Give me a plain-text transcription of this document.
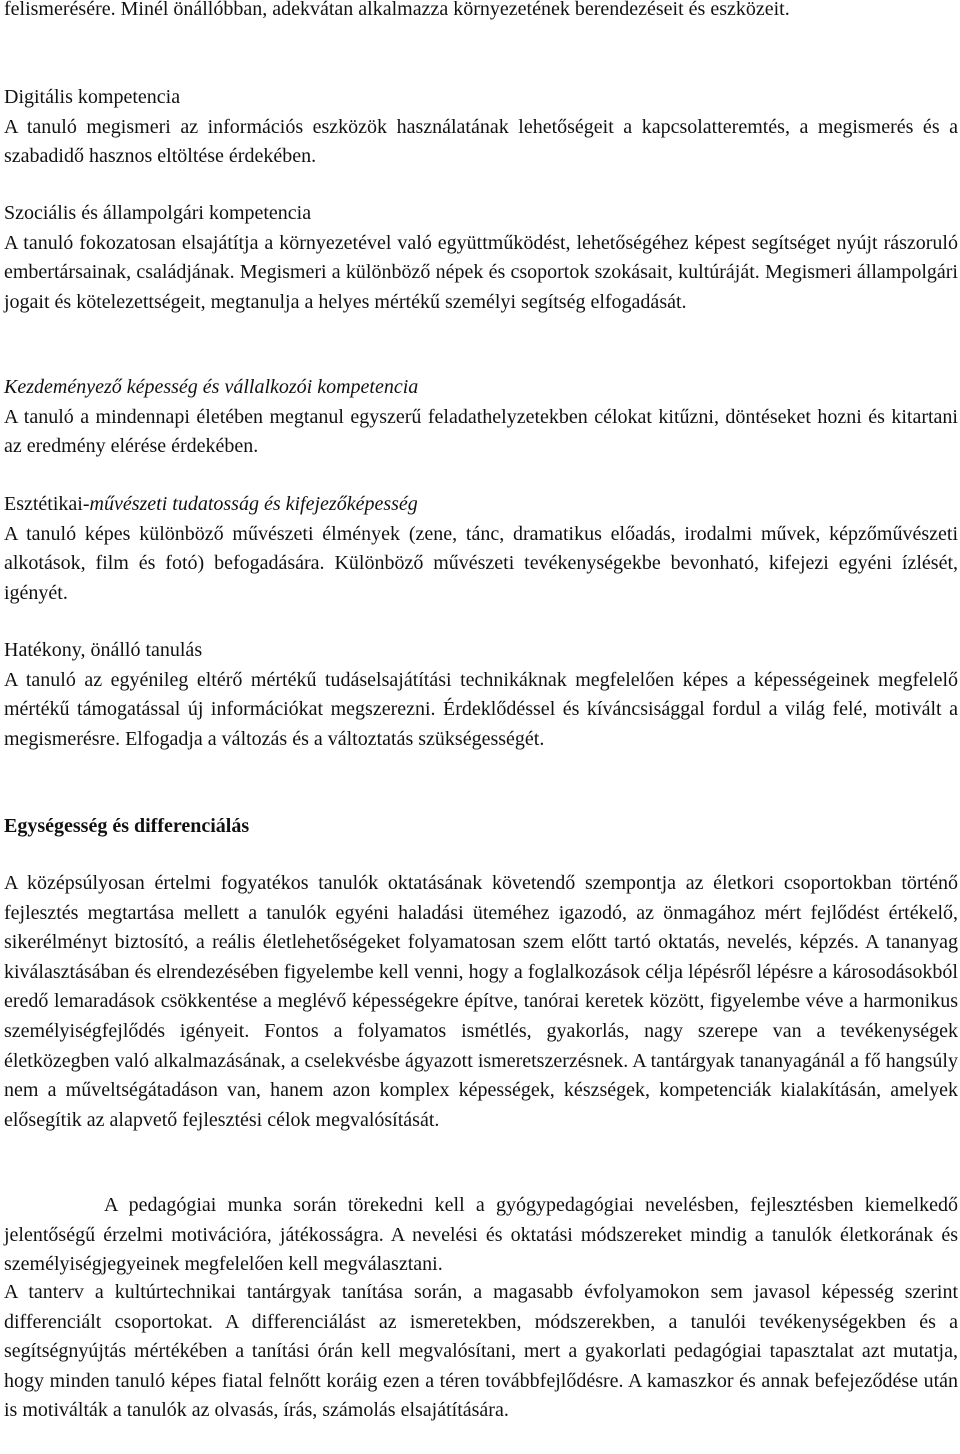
felismerésére. Minél önállóbban, adekvátan alkalmazza környezetének berendezéseit és eszközeit.

Digitális kompetencia

A tanuló megismeri az információs eszközök használatának lehetőségeit a kapcsolatteremtés, a megismerés és a szabadidő hasznos eltöltése érdekében.

Szociális és állampolgári kompetencia

A tanuló fokozatosan elsajátítja a környezetével való együttműködést, lehetőségéhez képest segítséget nyújt rászoruló embertársainak, családjának. Megismeri a különböző népek és csoportok szokásait, kultúráját. Megismeri állampolgári jogait és kötelezettségeit, megtanulja a helyes mértékű személyi segítség elfogadását.

Kezdeményező képesség és vállalkozói kompetencia

A tanuló a mindennapi életében megtanul egyszerű feladathelyzetekben célokat kitűzni, döntéseket hozni és kitartani az eredmény elérése érdekében.

Esztétikai-művészeti tudatosság és kifejezőképesség

A tanuló képes különböző művészeti élmények (zene, tánc, dramatikus előadás, irodalmi művek, képzőművészeti alkotások, film és fotó) befogadására. Különböző művészeti tevékenységekbe bevonható, kifejezi egyéni ízlését, igényét.

Hatékony, önálló tanulás

A tanuló az egyénileg eltérő mértékű tudáselsajátítási technikáknak megfelelően képes a képességeinek megfelelő mértékű támogatással új információkat megszerezni. Érdeklődéssel és kíváncsisággal fordul a világ felé, motivált a megismerésre. Elfogadja a változás és a változtatás szükségességét.

Egységesség és differenciálás

A középsúlyosan értelmi fogyatékos tanulók oktatásának követendő szempontja az életkori csoportokban történő fejlesztés megtartása mellett a tanulók egyéni haladási üteméhez igazodó, az önmagához mért fejlődést értékelő, sikerélményt biztosító, a reális életlehetőségeket folyamatosan szem előtt tartó oktatás, nevelés, képzés. A tananyag kiválasztásában és elrendezésében figyelembe kell venni, hogy a foglalkozások célja lépésről lépésre a károsodásokból eredő lemaradások csökkentése a meglévő képességekre építve, tanórai keretek között, figyelembe véve a harmonikus személyiségfejlődés igényeit. Fontos a folyamatos ismétlés, gyakorlás, nagy szerepe van a tevékenységek életközegben való alkalmazásának, a cselekvésbe ágyazott ismeretszerzésnek. A tantárgyak tananyagánál a fő hangsúly nem a műveltségátadáson van, hanem azon komplex képességek, készségek, kompetenciák kialakításán, amelyek elősegítik az alapvető fejlesztési célok megvalósítását.

A pedagógiai munka során törekedni kell a gyógypedagógiai nevelésben, fejlesztésben kiemelkedő jelentőségű érzelmi motivációra, játékosságra. A nevelési és oktatási módszereket mindig a tanulók életkorának és személyiségjegyeinek megfelelően kell megválasztani.

A tanterv a kultúrtechnikai tantárgyak tanítása során, a magasabb évfolyamokon sem javasol képesség szerint differenciált csoportokat. A differenciálást az ismeretekben, módszerekben, a tanulói tevékenységekben és a segítségnyújtás mértékében a tanítási órán kell megvalósítani, mert a gyakorlati pedagógiai tapasztalat azt mutatja, hogy minden tanuló képes fiatal felnőtt koráig ezen a téren továbbfejlődésre. A kamaszkor és annak befejeződése után is motiválták a tanulók az olvasás, írás, számolás elsajátítására.
